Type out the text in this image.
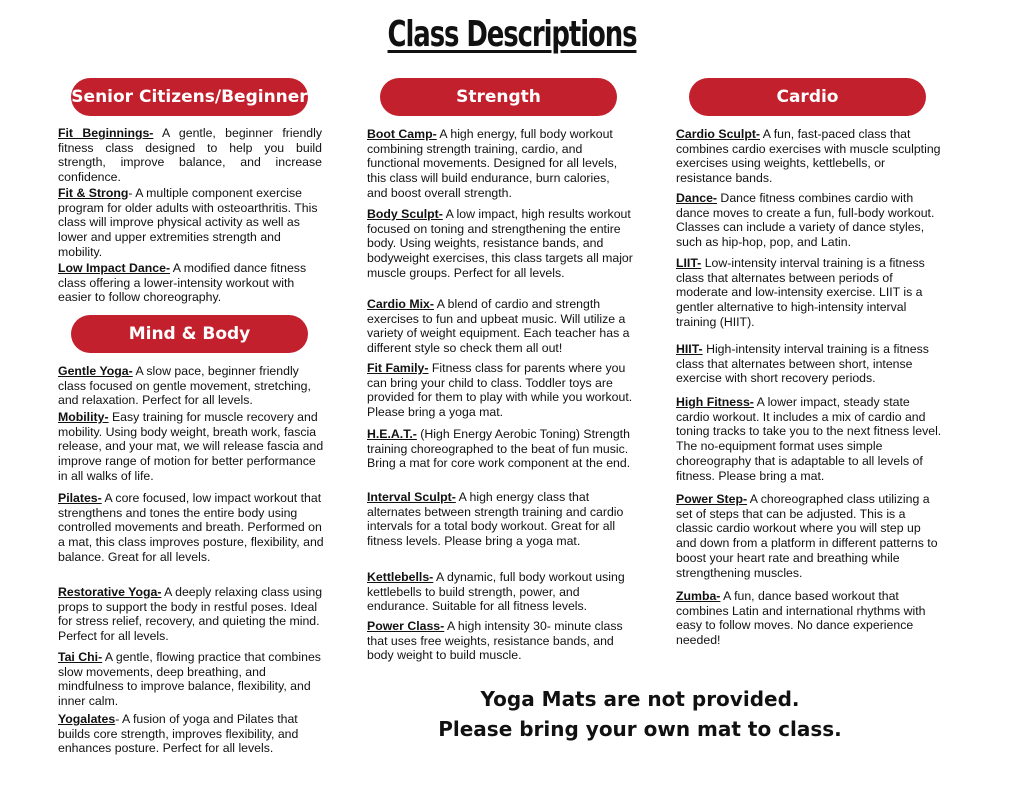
Class Descriptions
Senior Citizens/Beginner	Strength	Cardio
Mind & Body

Fit Beginnings- A gentle, beginner friendly fitness class designed to help you build strength, improve balance, and increase confidence.

Fit & Strong- A multiple component exercise program for older adults with osteoarthritis. This class will improve physical activity as well as lower and upper extremities strength and mobility.

Low Impact Dance- A modified dance fitness class offering a lower-intensity workout with easier to follow choreography.

Gentle Yoga- A slow pace, beginner friendly class focused on gentle movement, stretching, and relaxation. Perfect for all levels.

Mobility- Easy training for muscle recovery and mobility. Using body weight, breath work, fascia release, and your mat, we will release fascia and improve range of motion for better performance in all walks of life.

Pilates- A core focused, low impact workout that strengthens and tones the entire body using controlled movements and breath. Performed on a mat, this class improves posture, flexibility, and balance. Great for all levels.

Restorative Yoga- A deeply relaxing class using props to support the body in restful poses. Ideal for stress relief, recovery, and quieting the mind. Perfect for all levels.

Tai Chi- A gentle, flowing practice that combines slow movements, deep breathing, and mindfulness to improve balance, flexibility, and inner calm.

Yogalates- A fusion of yoga and Pilates that builds core strength, improves flexibility, and enhances posture. Perfect for all levels.

Boot Camp- A high energy, full body workout combining strength training, cardio, and functional movements. Designed for all levels, this class will build endurance, burn calories, and boost overall strength.

Body Sculpt- A low impact, high results workout focused on toning and strengthening the entire body. Using weights, resistance bands, and bodyweight exercises, this class targets all major muscle groups. Perfect for all levels.

Cardio Mix- A blend of cardio and strength exercises to fun and upbeat music. Will utilize a variety of weight equipment. Each teacher has a different style so check them all out!

Fit Family- Fitness class for parents where you can bring your child to class. Toddler toys are provided for them to play with while you workout. Please bring a yoga mat.

H.E.A.T.- (High Energy Aerobic Toning) Strength training choreographed to the beat of fun music. Bring a mat for core work component at the end.

Interval Sculpt- A high energy class that alternates between strength training and cardio intervals for a total body workout. Great for all fitness levels. Please bring a yoga mat.

Kettlebells- A dynamic, full body workout using kettlebells to build strength, power, and endurance. Suitable for all fitness levels.

Power Class- A high intensity 30- minute class that uses free weights, resistance bands, and body weight to build muscle.

Cardio Sculpt- A fun, fast-paced class that combines cardio exercises with muscle sculpting exercises using weights, kettlebells, or resistance bands.

Dance- Dance fitness combines cardio with dance moves to create a fun, full-body workout. Classes can include a variety of dance styles, such as hip-hop, pop, and Latin.

LIIT- Low-intensity interval training is a fitness class that alternates between periods of moderate and low-intensity exercise. LIIT is a gentler alternative to high-intensity interval training (HIIT).

HIIT- High-intensity interval training is a fitness class that alternates between short, intense exercise with short recovery periods.

High Fitness- A lower impact, steady state cardio workout. It includes a mix of cardio and toning tracks to take you to the next fitness level. The no-equipment format uses simple choreography that is adaptable to all levels of fitness. Please bring a mat.

Power Step- A choreographed class utilizing a set of steps that can be adjusted. This is a classic cardio workout where you will step up and down from a platform in different patterns to boost your heart rate and breathing while strengthening muscles.

Zumba- A fun, dance based workout that combines Latin and international rhythms with easy to follow moves. No dance experience needed!

Yoga Mats are not provided.
Please bring your own mat to class.
